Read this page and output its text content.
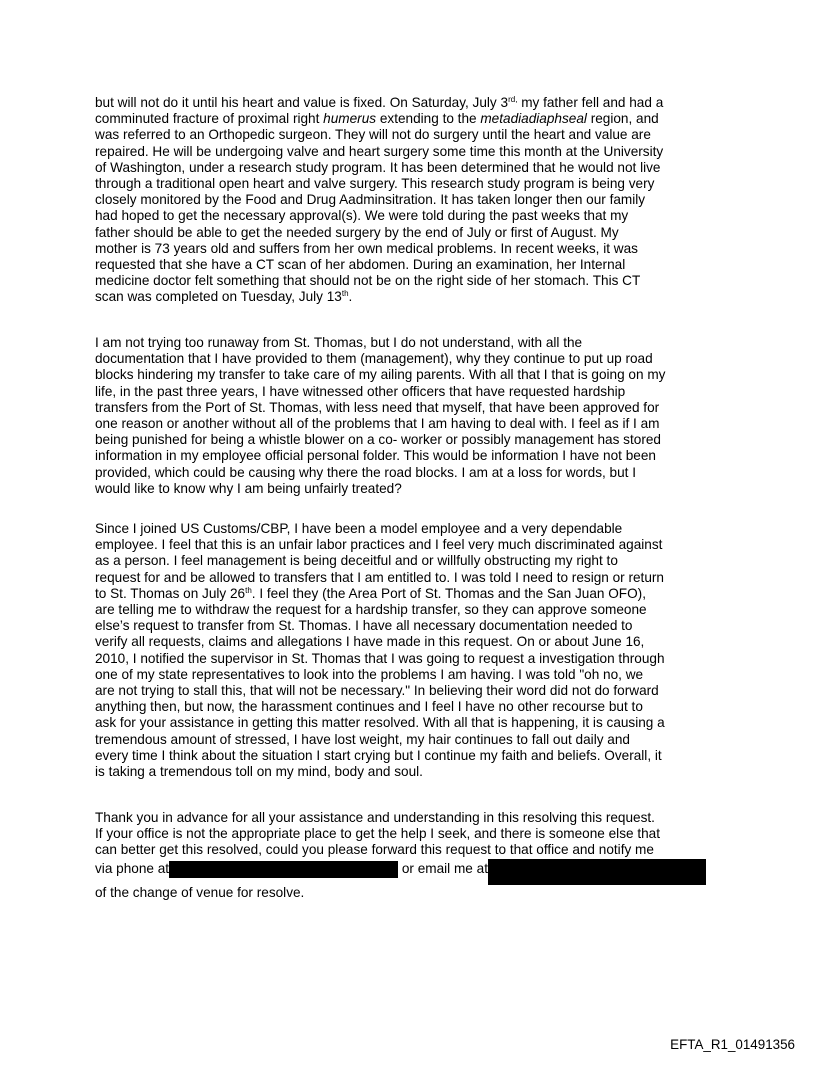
but will not do it until his heart and value is fixed. On Saturday, July $3^{rd,}$ my father fell and had a
comminuted fracture of proximal right humerus extending to the metadiadiaphseal region, and
was referred to an Orthopedic surgeon. They will not do surgery until the heart and value are
repaired. He will be undergoing valve and heart surgery some time this month at the University
of Washington, under a research study program. It has been determined that he would not live
through a traditional open heart and valve surgery. This research study program is being very
closely monitored by the Food and Drug Aadminsitration. It has taken longer then our family
had hoped to get the necessary approval(s). We were told during the past weeks that my
father should be able to get the needed surgery by the end of July or first of August. My
mother is 73 years old and suffers from her own medical problems. In recent weeks, it was
requested that she have a CT scan of her abdomen. During an examination, her Internal
medicine doctor felt something that should not be on the right side of her stomach. This CT
scan was completed on Tuesday, July 13th.
I am not trying too runaway from St. Thomas, but I do not understand, with all the
documentation that I have provided to them (management), why they continue to put up road
blocks hindering my transfer to take care of my ailing parents. With all that I that is going on my
life, in the past three years, I have witnessed other officers that have requested hardship
transfers from the Port of St. Thomas, with less need that myself, that have been approved for
one reason or another without all of the problems that I am having to deal with. I feel as if I am
being punished for being a whistle blower on a co- worker or possibly management has stored
information in my employee official personal folder. This would be information I have not been
provided, which could be causing why there the road blocks. I am at a loss for words, but I
would like to know why I am being unfairly treated?
Since I joined US Customs/CBP, I have been a model employee and a very dependable
employee. I feel that this is an unfair labor practices and I feel very much discriminated against
as a person. I feel management is being deceitful and or willfully obstructing my right to
request for and be allowed to transfers that I am entitled to. I was told I need to resign or return
to St. Thomas on July 26th. I feel they (the Area Port of St. Thomas and the San Juan OFO),
are telling me to withdraw the request for a hardship transfer, so they can approve someone
else’s request to transfer from St. Thomas. I have all necessary documentation needed to
verify all requests, claims and allegations I have made in this request. On or about June 16,
2010, I notified the supervisor in St. Thomas that I was going to request a investigation through
one of my state representatives to look into the problems I am having. I was told "oh no, we
are not trying to stall this, that will not be necessary." In believing their word did not do forward
anything then, but now, the harassment continues and I feel I have no other recourse but to
ask for your assistance in getting this matter resolved. With all that is happening, it is causing a
tremendous amount of stressed, I have lost weight, my hair continues to fall out daily and
every time I think about the situation I start crying but I continue my faith and beliefs. Overall, it
is taking a tremendous toll on my mind, body and soul.
Thank you in advance for all your assistance and understanding in this resolving this request.
If your office is not the appropriate place to get the help I seek, and there is someone else that
can better get this resolved, could you please forward this request to that office and notify me
via phone at	or email me at
of the change of venue for resolve.
EFTA_R1_01491356
